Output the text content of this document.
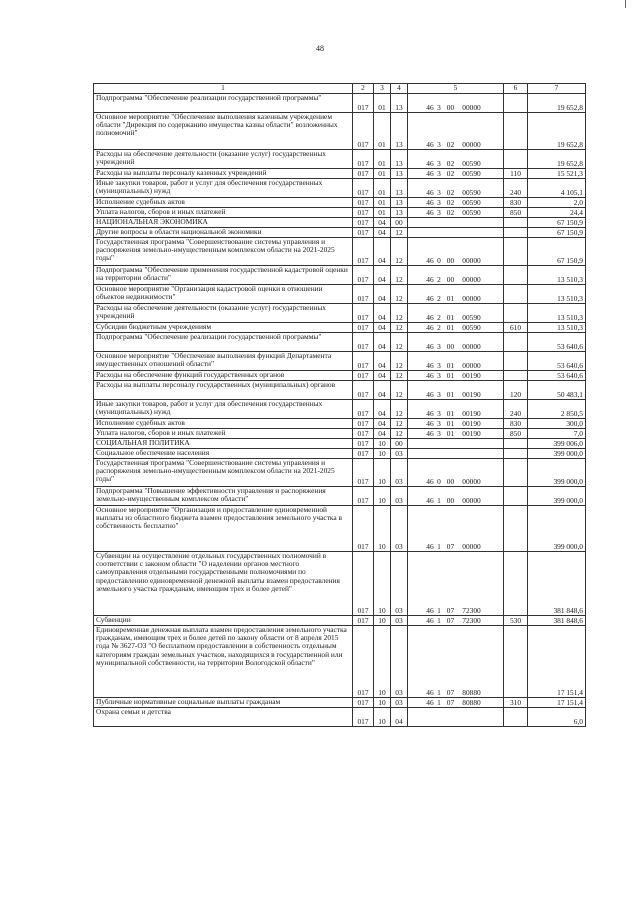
48
1	2	3	4	5	6	7
Подпрограмма "Обеспечение реализации государственной программы"	017	01	13	46 3 00 00000		19 652,8
Основное мероприятие "Обеспечение выполнения казенным учреждением области "Дирекция по содержанию имущества казны области" возложенных полномочий"	017	01	13	46 3 02 00000		19 652,8
Расходы на обеспечение деятельности (оказание услуг) государственных учреждений	017	01	13	46 3 02 00590		19 652,8
Расходы на выплаты персоналу казенных учреждений	017	01	13	46 3 02 00590	110	15 521,3
Иные закупки товаров, работ и услуг для обеспечения государственных (муниципальных) нужд	017	01	13	46 3 02 00590	240	4 105,1
Исполнение судебных актов	017	01	13	46 3 02 00590	830	2,0
Уплата налогов, сборов и иных платежей	017	01	13	46 3 02 00590	850	24,4
НАЦИОНАЛЬНАЯ ЭКОНОМИКА	017	04	00			67 150,9
Другие вопросы в области национальной экономики	017	04	12			67 150,9
Государственная программа "Совершенствование системы управления и распоряжения земельно-имущественным комплексом области на 2021-2025 годы"	017	04	12	46 0 00 00000		67 150,9
Подпрограмма "Обеспечение применения государственной кадастровой оценки на территории области"	017	04	12	46 2 00 00000		13 510,3
Основное мероприятие "Организация кадастровой оценки в отношении объектов недвижимости"	017	04	12	46 2 01 00000		13 510,3
Расходы на обеспечение деятельности (оказание услуг) государственных учреждений	017	04	12	46 2 01 00590		13 510,3
Субсидии бюджетным учреждениям	017	04	12	46 2 01 00590	610	13 510,3
Подпрограмма "Обеспечение реализации государственной программы"	017	04	12	46 3 00 00000		53 640,6
Основное мероприятие "Обеспечение выполнения функций Департамента имущественных отношений области"	017	04	12	46 3 01 00000		53 640,6
Расходы на обеспечение функций государственных органов	017	04	12	46 3 01 00190		53 640,6
Расходы на выплаты персоналу государственных (муниципальных) органов	017	04	12	46 3 01 00190	120	50 483,1
Иные закупки товаров, работ и услуг для обеспечения государственных (муниципальных) нужд	017	04	12	46 3 01 00190	240	2 850,5
Исполнение судебных актов	017	04	12	46 3 01 00190	830	300,0
Уплата налогов, сборов и иных платежей	017	04	12	46 3 01 00190	850	7,0
СОЦИАЛЬНАЯ ПОЛИТИКА	017	10	00			399 006,0
Социальное обеспечение населения	017	10	03			399 000,0
Государственная программа "Совершенствование системы управления и распоряжения земельно-имущественным комплексом области на 2021-2025 годы"	017	10	03	46 0 00 00000		399 000,0
Подпрограмма "Повышение эффективности управления и распоряжения земельно-имущественным комплексом области"	017	10	03	46 1 00 00000		399 000,0
Основное мероприятие "Организация и предоставление единовременной выплаты из областного бюджета взамен предоставления земельного участка в собственность бесплатно"	017	10	03	46 1 07 00000		399 000,0
Субвенции на осуществление отдельных государственных полномочий в соответствии с законом области "О наделении органов местного самоуправления отдельными государственными полномочиями по предоставлению единовременной денежной выплаты взамен предоставления земельного участка гражданам, имеющим трех и более детей"	017	10	03	46 1 07 72300		381 848,6
Субвенции	017	10	03	46 1 07 72300	530	381 848,6
Единовременная денежная выплата взамен предоставления земельного участка гражданам, имеющим трех и более детей по закону области от 8 апреля 2015 года № 3627-ОЗ "О бесплатном предоставлении в собственность отдельным категориям граждан земельных участков, находящихся в государственной или муниципальной собственности, на территории Вологодской области"	017	10	03	46 1 07 80880		17 151,4
Публичные нормативные социальные выплаты гражданам	017	10	03	46 1 07 80880	310	17 151,4
Охрана семьи и детства	017	10	04			6,0
